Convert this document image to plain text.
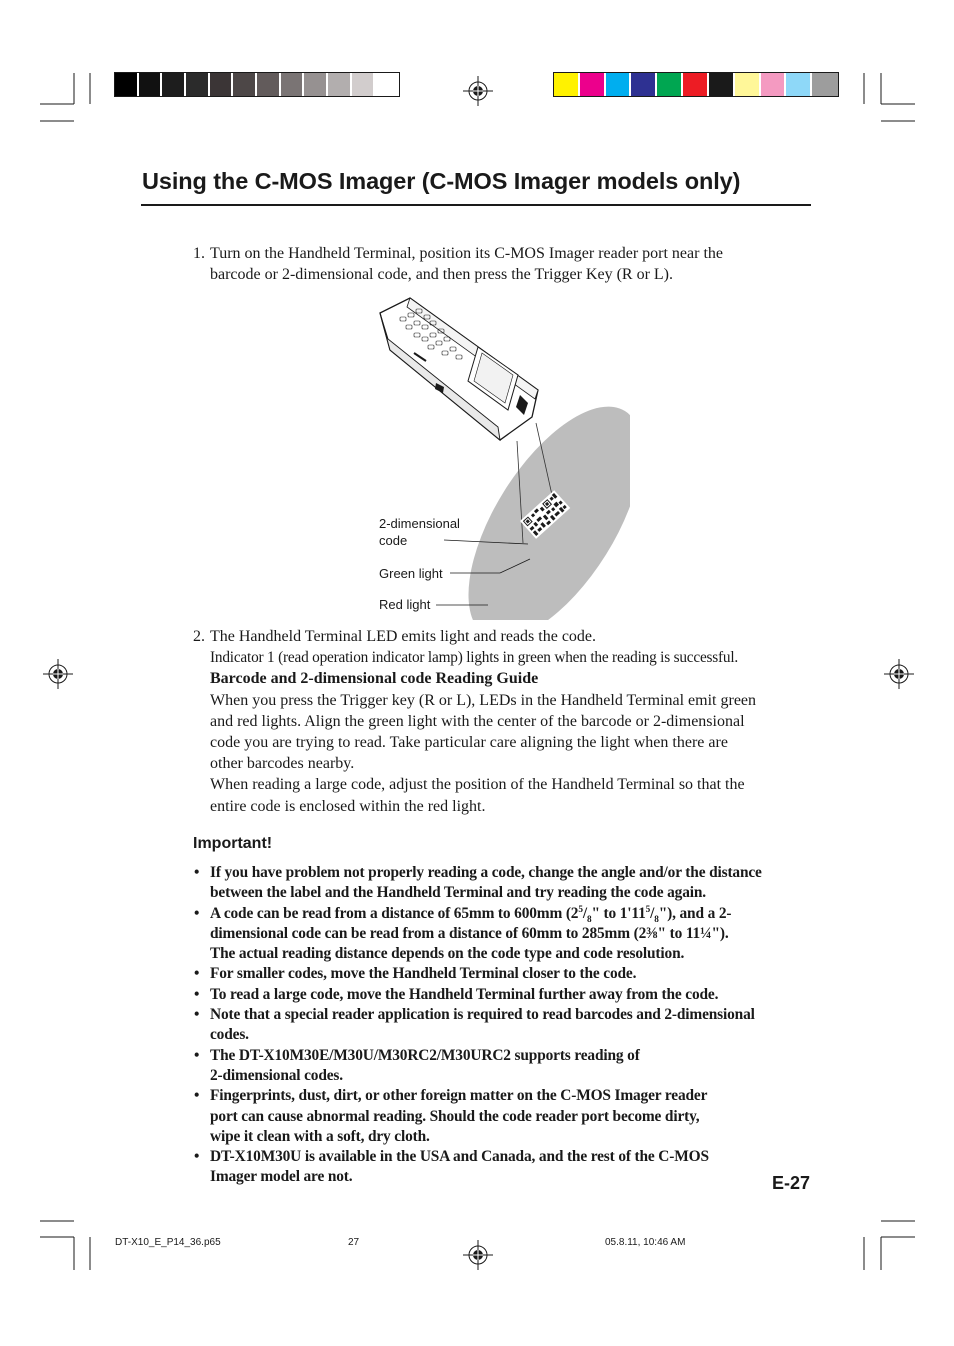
Using the C-MOS Imager (C-MOS Imager models only)
1. Turn on the Handheld Terminal, position its C-MOS Imager reader port near the
barcode or 2-dimensional code, and then press the Trigger Key (R or L).
2-dimensional
code
Green light
Red light
2. The Handheld Terminal LED emits light and reads the code.
Indicator 1 (read operation indicator lamp) lights in green when the reading is successful.
Barcode and 2-dimensional code Reading Guide
When you press the Trigger key (R or L), LEDs in the Handheld Terminal emit green
and red lights. Align the green light with the center of the barcode or 2-dimensional
code you are trying to read. Take particular care aligning the light when there are
other barcodes nearby.
When reading a large code, adjust the position of the Handheld Terminal so that the
entire code is enclosed within the red light.
Important!
• If you have problem not properly reading a code, change the angle and/or the distance
between the label and the Handheld Terminal and try reading the code again.
• A code can be read from a distance of 65mm to 600mm ($2^5/_8$" to $1'11^5/_8$"), and a 2-
dimensional code can be read from a distance of 60mm to 285mm (2⅜" to 11¼").
The actual reading distance depends on the code type and code resolution.
• For smaller codes, move the Handheld Terminal closer to the code.
• To read a large code, move the Handheld Terminal further away from the code.
• Note that a special reader application is required to read barcodes and 2-dimensional
codes.
• The DT-X10M30E/M30U/M30RC2/M30URC2 supports reading of
2-dimensional codes.
• Fingerprints, dust, dirt, or other foreign matter on the C-MOS Imager reader
port can cause abnormal reading. Should the code reader port become dirty,
wipe it clean with a soft, dry cloth.
• DT-X10M30U is available in the USA and Canada, and the rest of the C-MOS
Imager model are not.	E-27
DT-X10_E_P14_36.p65	27	05.8.11, 10:46 AM
